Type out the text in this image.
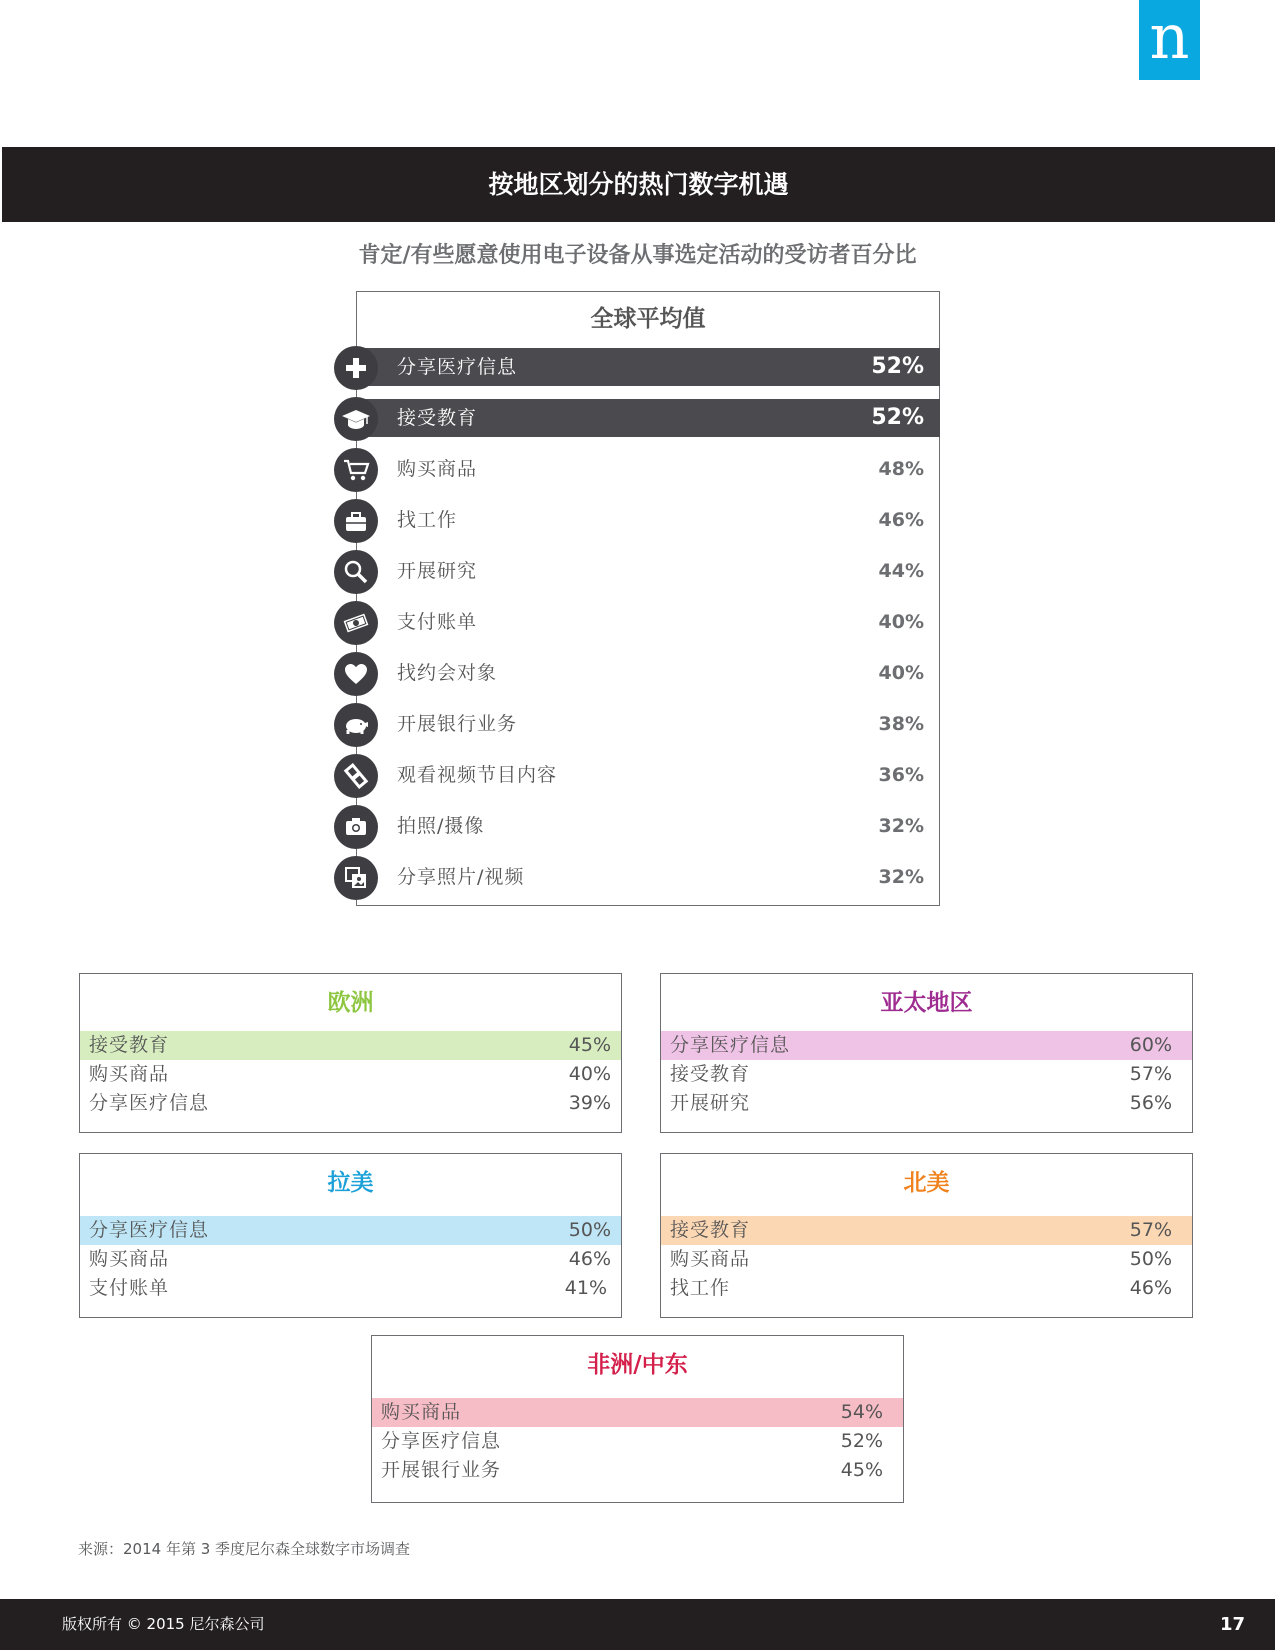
n
按地区划分的热门数字机遇
肯定/有些愿意使用电子设备从事选定活动的受访者百分比
全球平均值
分享医疗信息	52%
接受教育	52%
购买商品	48%
找工作	46%
开展研究	44%
支付账单	40%
找约会对象	40%
开展银行业务	38%
观看视频节目内容	36%
拍照/摄像	32%
分享照片/视频	32%
欧洲
接受教育	45%
购买商品	40%
分享医疗信息	39%
亚太地区
分享医疗信息	60%
接受教育	57%
开展研究	56%
拉美
分享医疗信息	50%
购买商品	46%
支付账单	41%
北美
接受教育	57%
购买商品	50%
找工作	46%
非洲/中东
购买商品	54%
分享医疗信息	52%
开展银行业务	45%
来源：2014 年第 3 季度尼尔森全球数字市场调查
版权所有 © 2015 尼尔森公司	17
